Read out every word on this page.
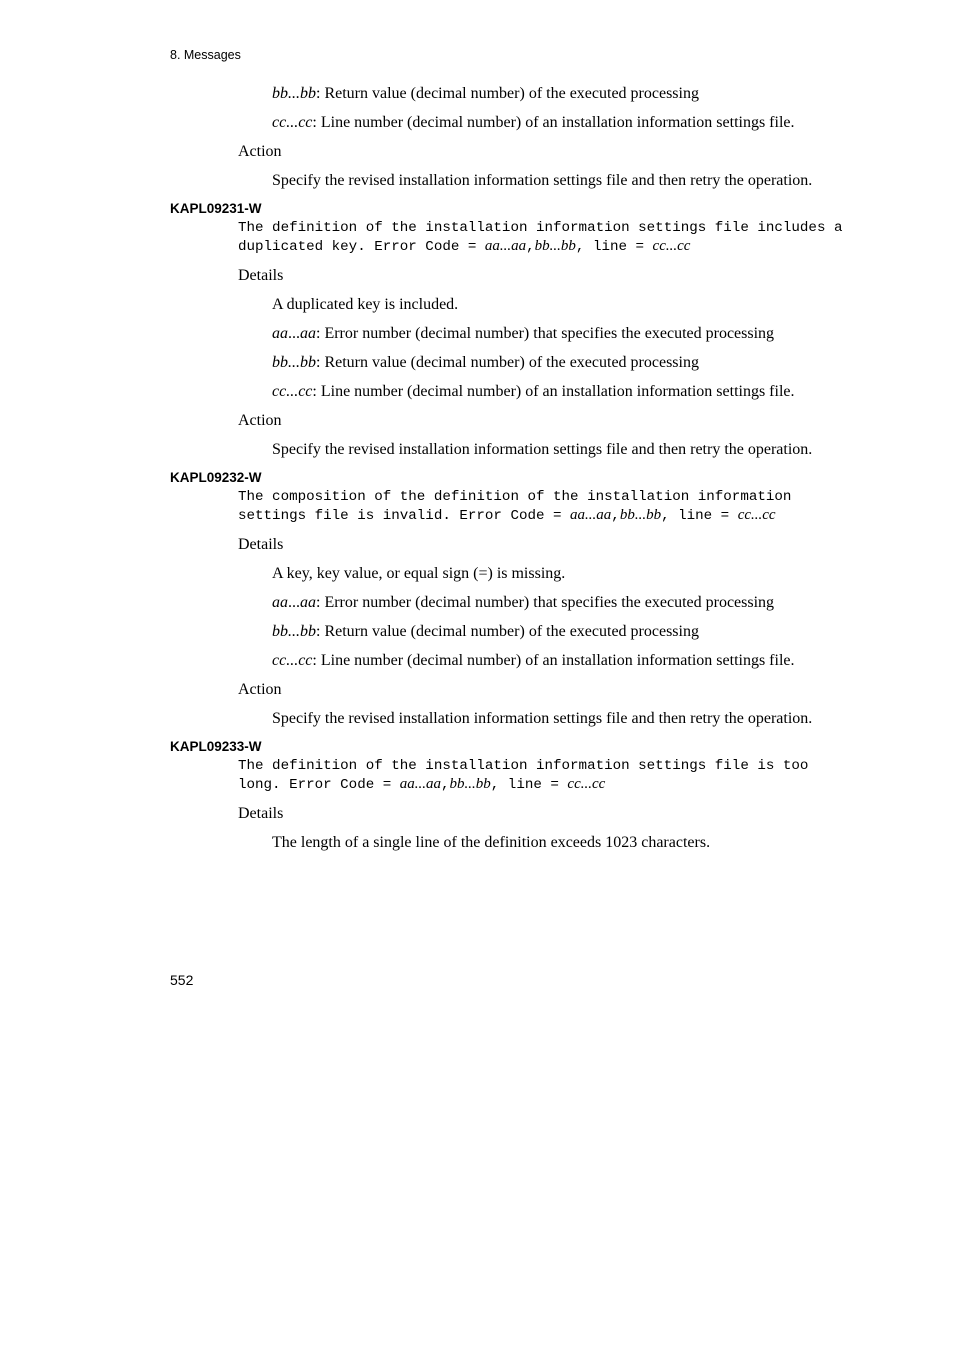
8. Messages

bb...bb: Return value (decimal number) of the executed processing

cc...cc: Line number (decimal number) of an installation information settings file.

Action

Specify the revised installation information settings file and then retry the operation.

KAPL09231-W

The definition of the installation information settings file includes a duplicated key. Error Code = aa...aa,bb...bb, line = cc...cc

Details

A duplicated key is included.

aa...aa: Error number (decimal number) that specifies the executed processing

bb...bb: Return value (decimal number) of the executed processing

cc...cc: Line number (decimal number) of an installation information settings file.

Action

Specify the revised installation information settings file and then retry the operation.

KAPL09232-W

The composition of the definition of the installation information settings file is invalid. Error Code = aa...aa,bb...bb, line = cc...cc

Details

A key, key value, or equal sign (=) is missing.

aa...aa: Error number (decimal number) that specifies the executed processing

bb...bb: Return value (decimal number) of the executed processing

cc...cc: Line number (decimal number) of an installation information settings file.

Action

Specify the revised installation information settings file and then retry the operation.

KAPL09233-W

The definition of the installation information settings file is too long. Error Code = aa...aa,bb...bb, line = cc...cc

Details

The length of a single line of the definition exceeds 1023 characters.

552
